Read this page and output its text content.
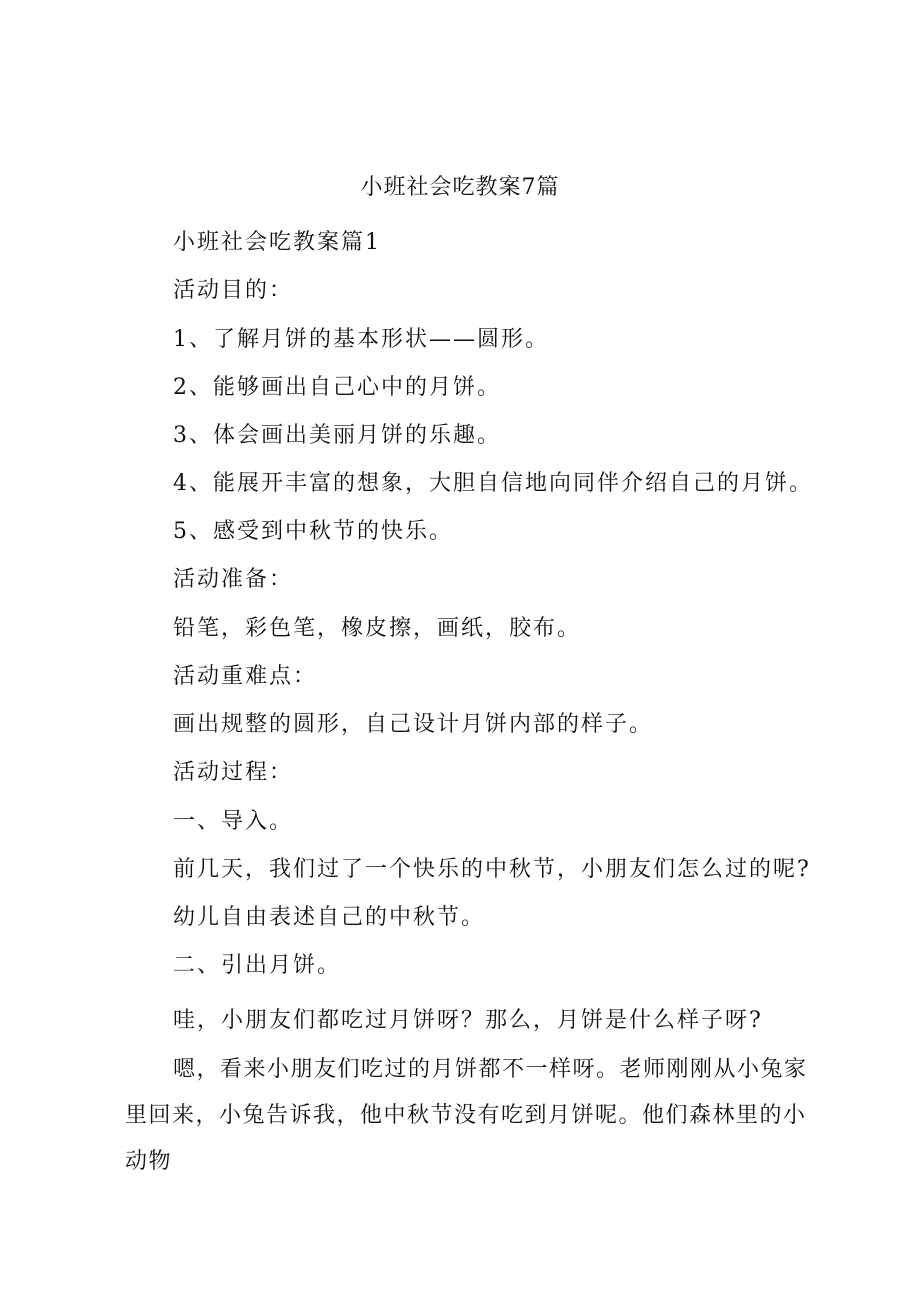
小班社会吃教案7篇
小班社会吃教案篇1
活动目的：
1、了解月饼的基本形状——圆形。
2、能够画出自己心中的月饼。
3、体会画出美丽月饼的乐趣。
4、能展开丰富的想象，大胆自信地向同伴介绍自己的月饼。
5、感受到中秋节的快乐。
活动准备：
铅笔，彩色笔，橡皮擦，画纸，胶布。
活动重难点：
画出规整的圆形，自己设计月饼内部的样子。
活动过程：
一、导入。
前几天，我们过了一个快乐的中秋节，小朋友们怎么过的呢?
幼儿自由表述自己的中秋节。
二、引出月饼。
哇，小朋友们都吃过月饼呀？那么，月饼是什么样子呀?
嗯，看来小朋友们吃过的月饼都不一样呀。老师刚刚从小兔家里回来，小兔告诉我，他中秋节没有吃到月饼呢。他们森林里的小动物
